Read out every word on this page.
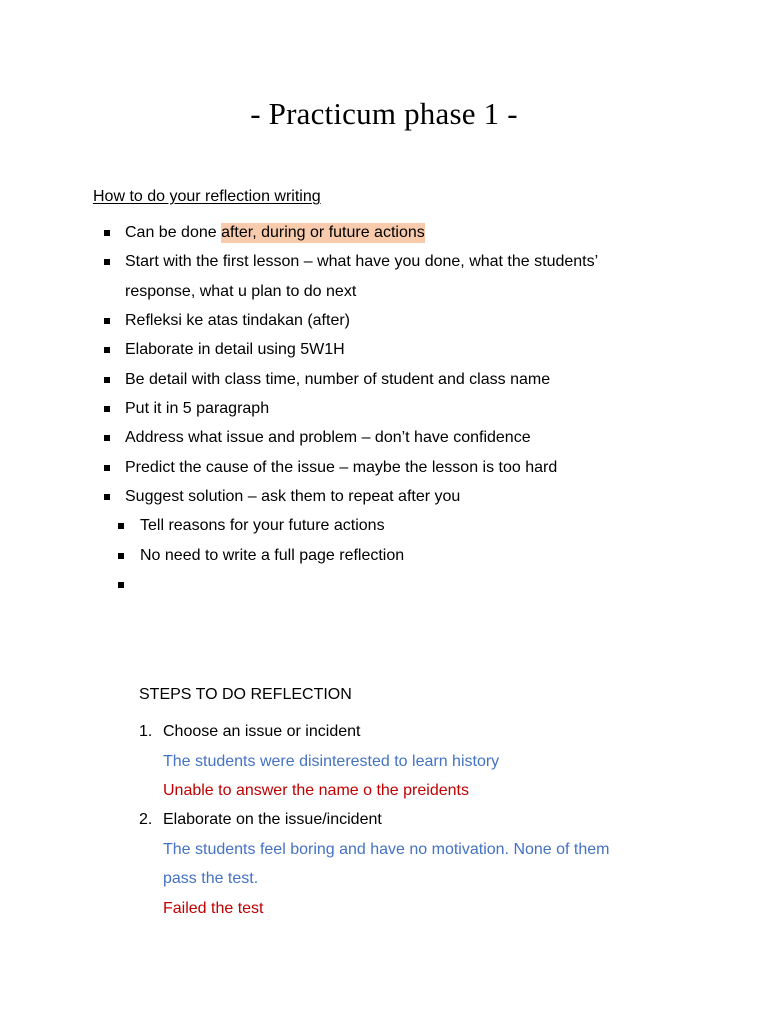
- Practicum phase 1 -
How to do your reflection writing
Can be done after, during or future actions
Start with the first lesson – what have you done, what the students’
response, what u plan to do next
Refleksi ke atas tindakan (after)
Elaborate in detail using 5W1H
Be detail with class time, number of student and class name
Put it in 5 paragraph
Address what issue and problem – don’t have confidence
Predict the cause of the issue – maybe the lesson is too hard
Suggest solution – ask them to repeat after you
Tell reasons for your future actions
No need to write a full page reflection
STEPS TO DO REFLECTION
1. Choose an issue or incident
The students were disinterested to learn history
Unable to answer the name o the preidents
2. Elaborate on the issue/incident
The students feel boring and have no motivation. None of them
pass the test.
Failed the test
